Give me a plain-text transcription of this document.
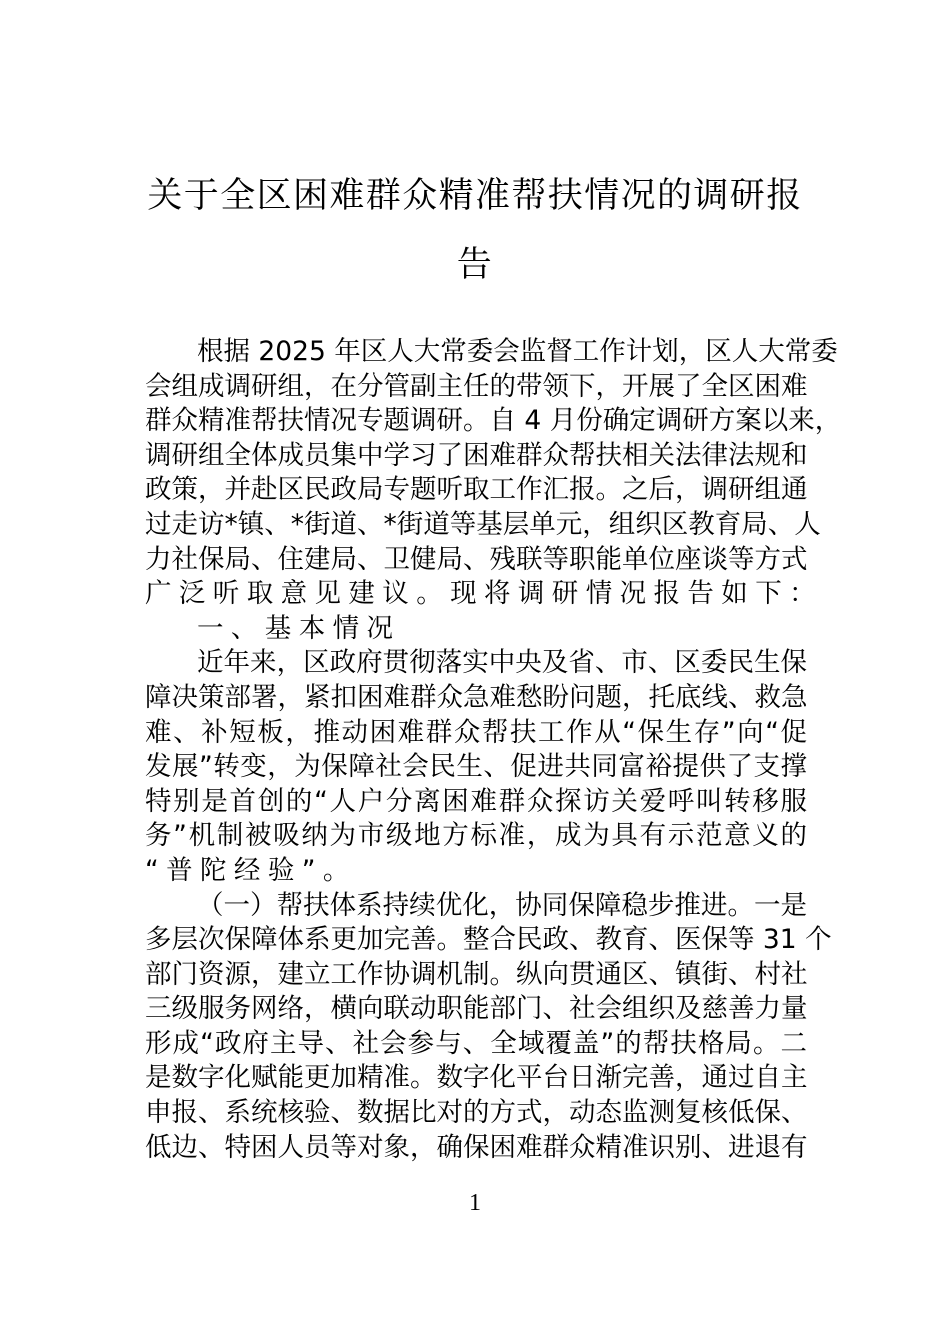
关于全区困难群众精准帮扶情况的调研报
告
根据 2025 年区人大常委会监督工作计划，区人大常委
会组成调研组，在分管副主任的带领下，开展了全区困难
群众精准帮扶情况专题调研。自 4 月份确定调研方案以来，
调研组全体成员集中学习了困难群众帮扶相关法律法规和
政策，并赴区民政局专题听取工作汇报。之后，调研组通
过走访*镇、*街道、*街道等基层单元，组织区教育局、人
力社保局、住建局、卫健局、残联等职能单位座谈等方式
广泛听取意见建议。现将调研情况报告如下：
一、基本情况
近年来，区政府贯彻落实中央及省、市、区委民生保
障决策部署，紧扣困难群众急难愁盼问题，托底线、救急
难、补短板，推动困难群众帮扶工作从“保生存”向“促
发展”转变，为保障社会民生、促进共同富裕提供了支撑
特别是首创的“人户分离困难群众探访关爱呼叫转移服
务”机制被吸纳为市级地方标准，成为具有示范意义的
“普陀经验”。
（一）帮扶体系持续优化，协同保障稳步推进。一是
多层次保障体系更加完善。整合民政、教育、医保等 31 个
部门资源，建立工作协调机制。纵向贯通区、镇街、村社
三级服务网络，横向联动职能部门、社会组织及慈善力量
形成“政府主导、社会参与、全域覆盖”的帮扶格局。二
是数字化赋能更加精准。数字化平台日渐完善，通过自主
申报、系统核验、数据比对的方式，动态监测复核低保、
低边、特困人员等对象，确保困难群众精准识别、进退有
1
